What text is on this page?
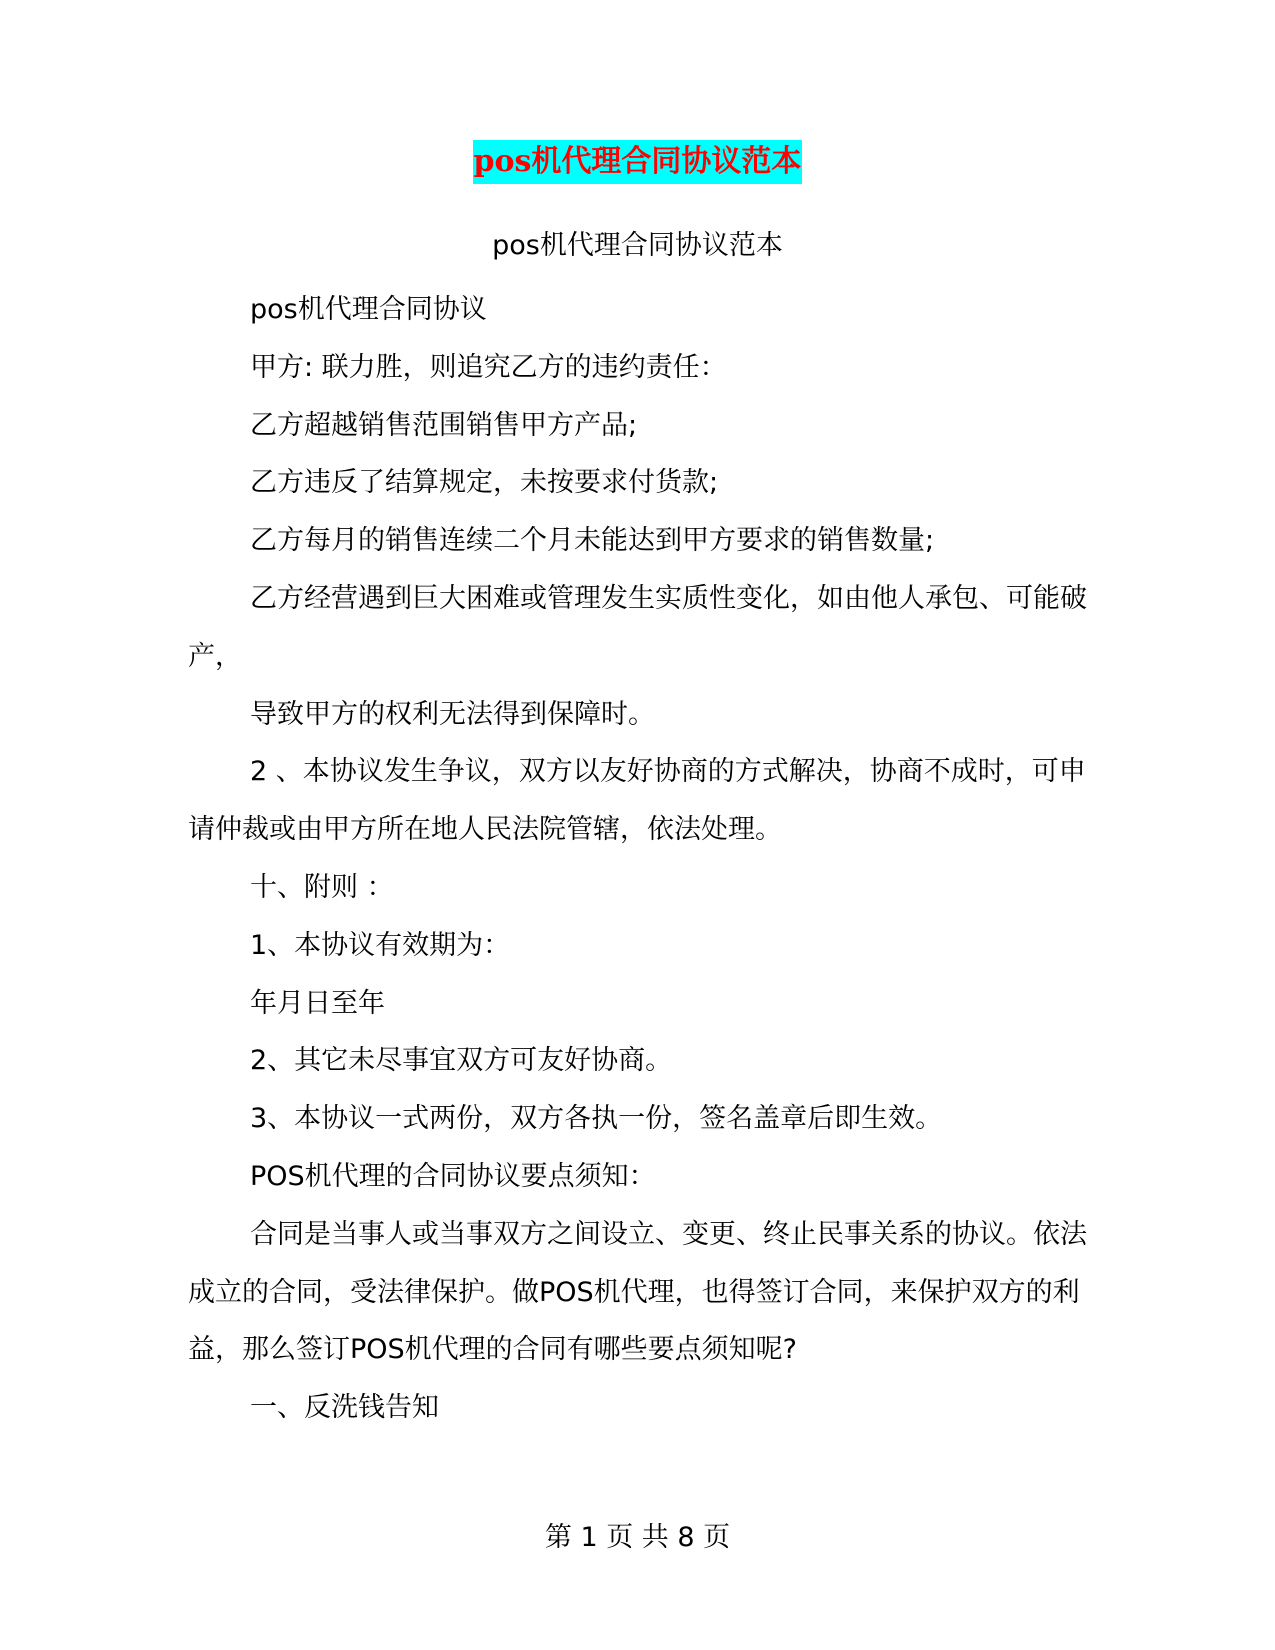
pos机代理合同协议范本
pos机代理合同协议范本

pos机代理合同协议

甲方: 联力胜，则追究乙方的违约责任：

乙方超越销售范围销售甲方产品;

乙方违反了结算规定，未按要求付货款;

乙方每月的销售连续二个月未能达到甲方要求的销售数量;

乙方经营遇到巨大困难或管理发生实质性变化，如由他人承包、可能破产，

导致甲方的权利无法得到保障时。

2 、本协议发生争议，双方以友好协商的方式解决，协商不成时，可申请仲裁或由甲方所在地人民法院管辖，依法处理。

十、附则 ：

1、本协议有效期为：

年月日至年

2、其它未尽事宜双方可友好协商。

3、本协议一式两份，双方各执一份，签名盖章后即生效。

POS机代理的合同协议要点须知：

合同是当事人或当事双方之间设立、变更、终止民事关系的协议。依法成立的合同，受法律保护。做POS机代理，也得签订合同，来保护双方的利益，那么签订POS机代理的合同有哪些要点须知呢?

一、反洗钱告知

第 1 页 共 8 页
